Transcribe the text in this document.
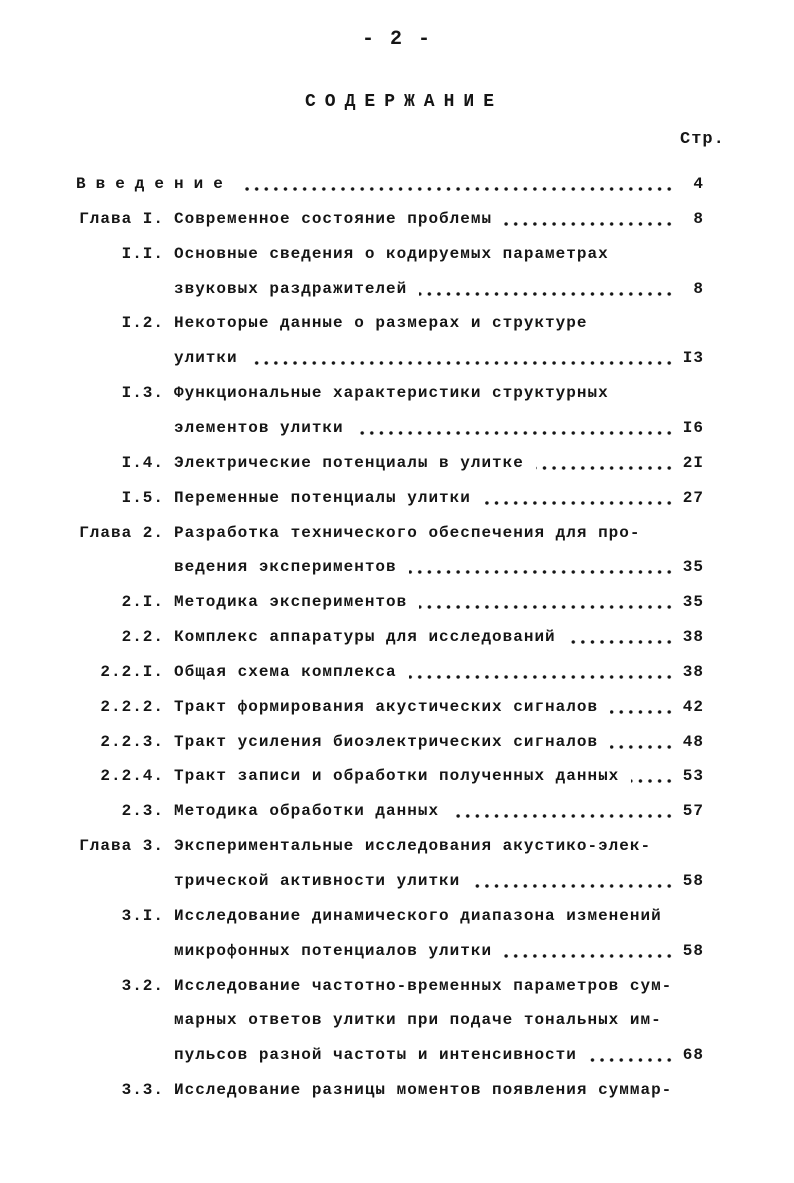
- 2 -
СОДЕРЖАНИЕ
Стр.
Введение	4
Глава I. Современное состояние проблемы	8
I.I. Основные сведения о кодируемых параметрах
звуковых раздражителей	8
I.2. Некоторые данные о размерах и структуре
улитки	I3
I.3. Функциональные характеристики структурных
элементов улитки	I6
I.4. Электрические потенциалы в улитке	2I
I.5. Переменные потенциалы улитки	27
Глава 2. Разработка технического обеспечения для про-
ведения экспериментов	35
2.I. Методика экспериментов	35
2.2. Комплекс аппаратуры для исследований	38
2.2.I. Общая схема комплекса	38
2.2.2. Тракт формирования акустических сигналов	42
2.2.3. Тракт усиления биоэлектрических сигналов	48
2.2.4. Тракт записи и обработки полученных данных	53
2.3. Методика обработки данных	57
Глава 3. Экспериментальные исследования акустико-элек-
трической активности улитки	58
3.I. Исследование динамического диапазона изменений
микрофонных потенциалов улитки	58
3.2. Исследование частотно-временных параметров сум-
марных ответов улитки при подаче тональных им-
пульсов разной частоты и интенсивности	68
3.3. Исследование разницы моментов появления суммар-
